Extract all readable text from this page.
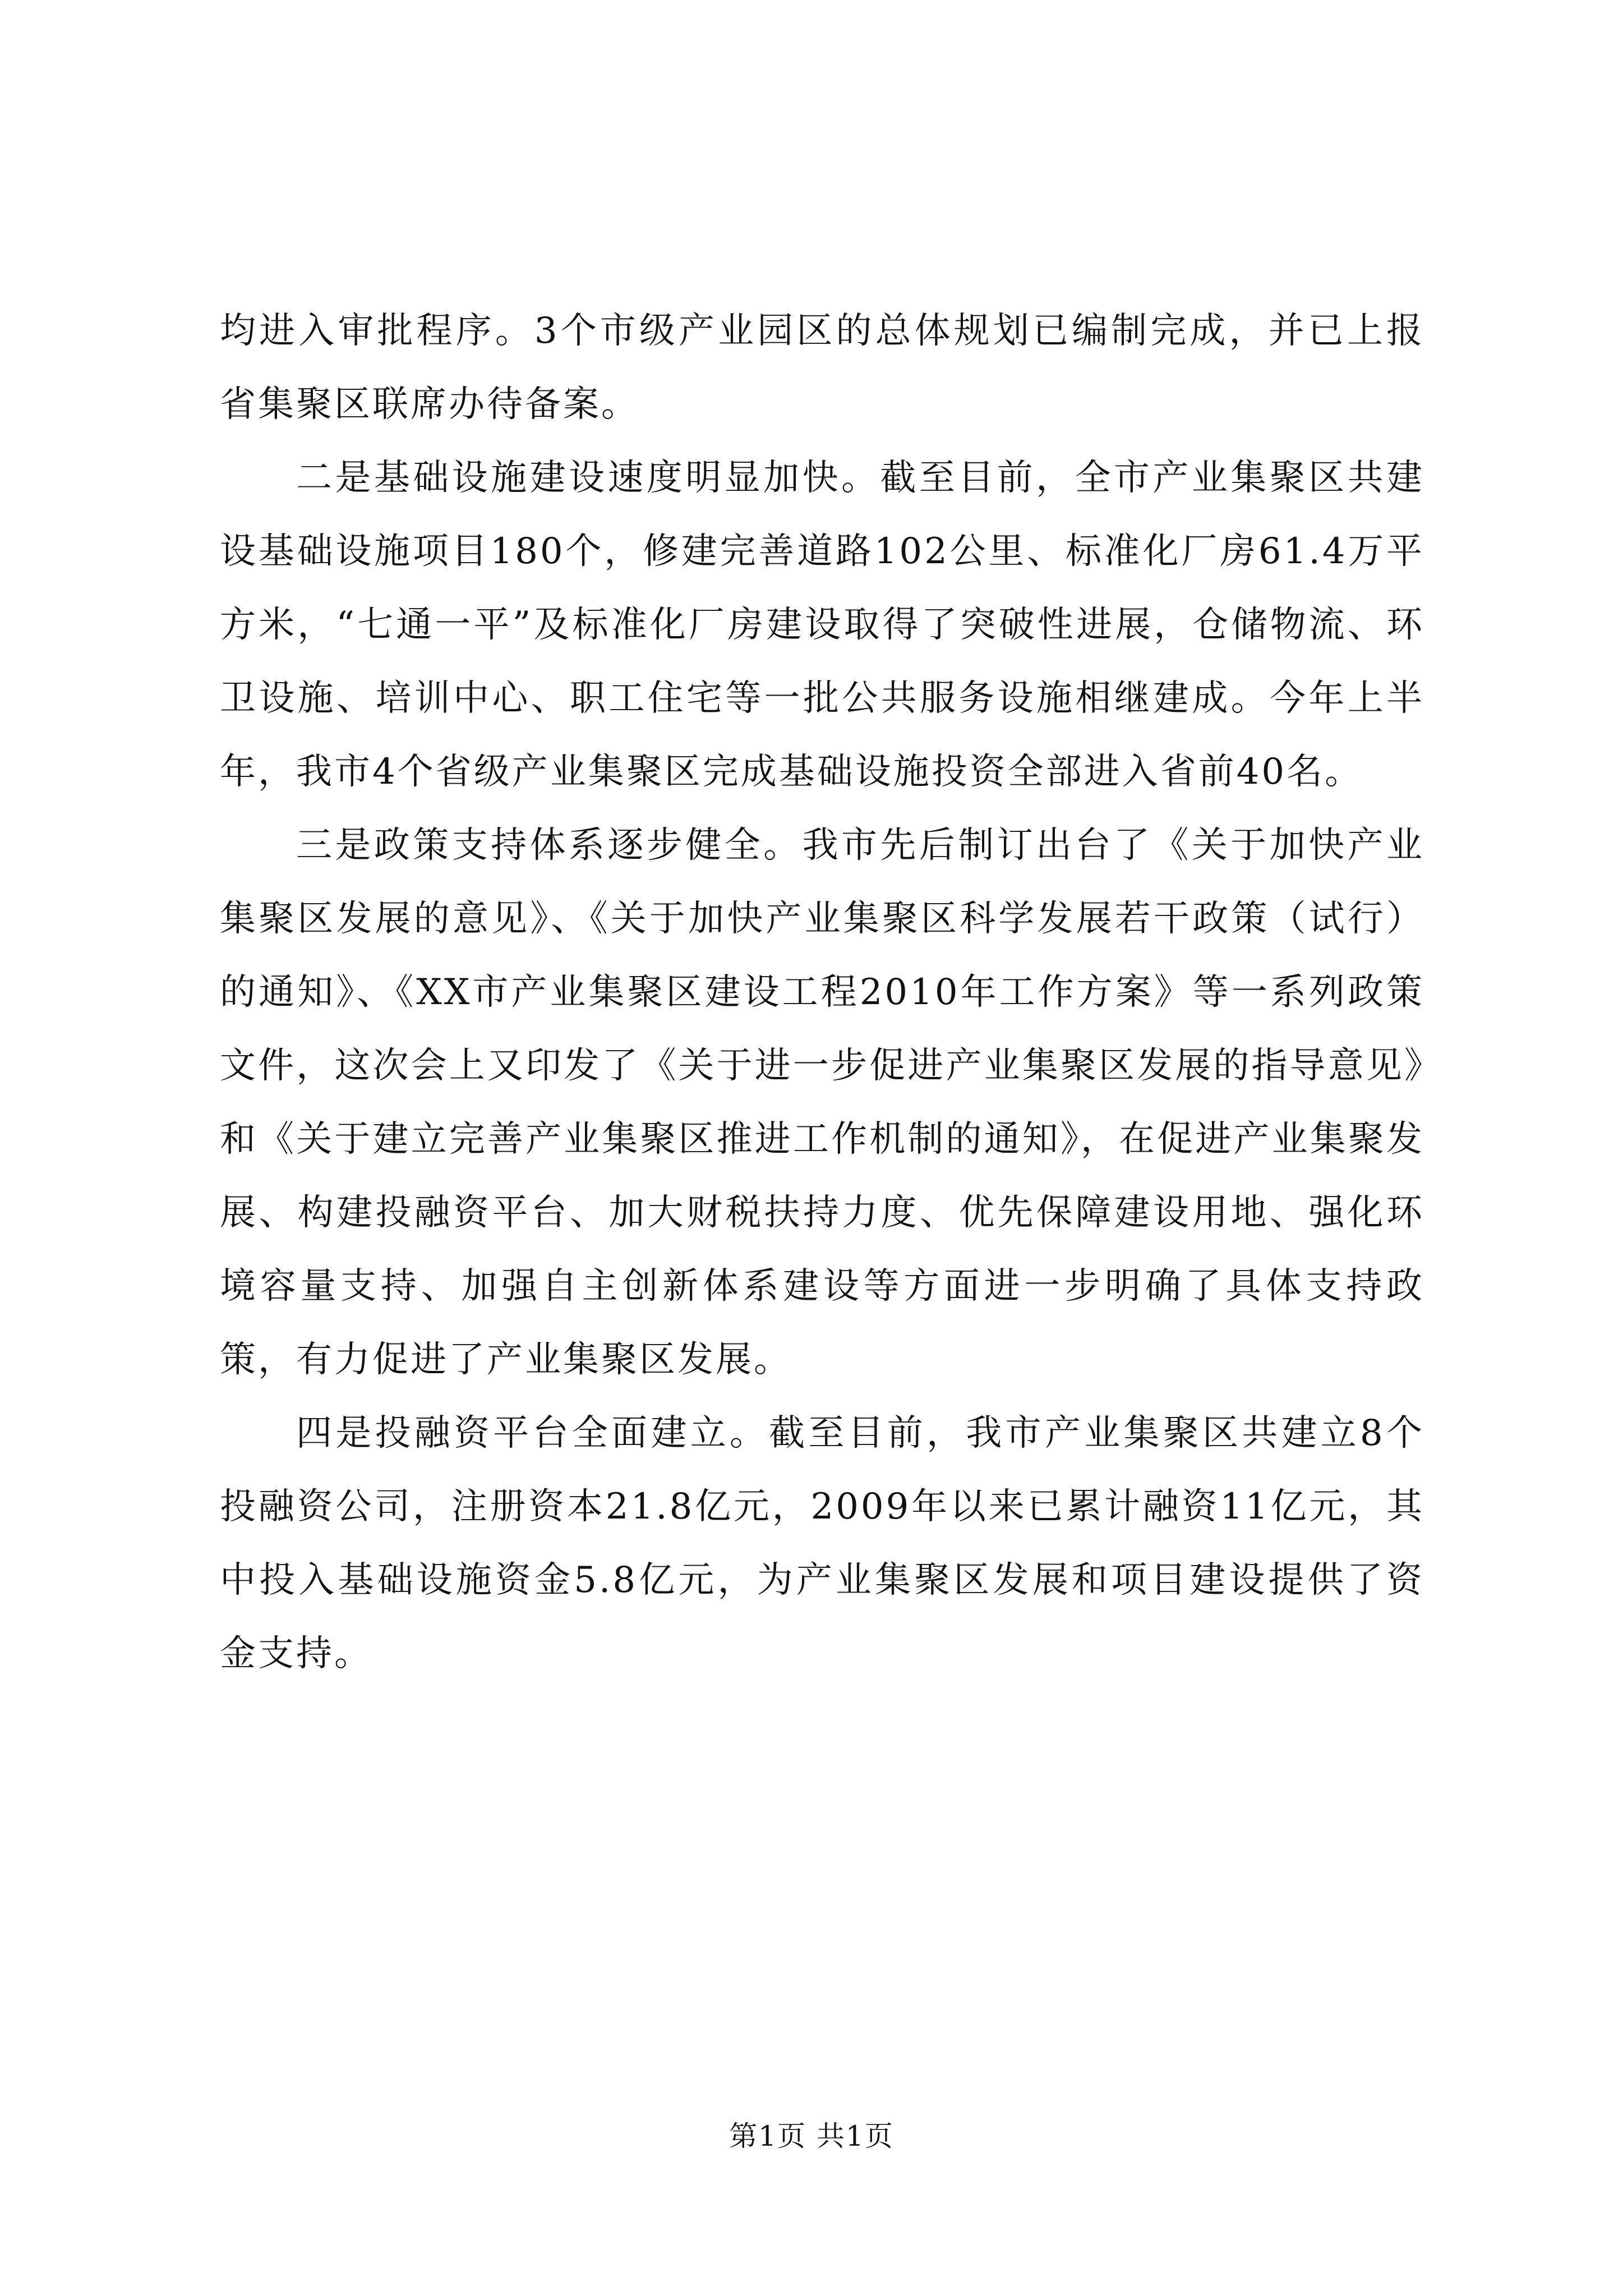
均进入审批程序。3个市级产业园区的总体规划已编制完成，并已上报省集聚区联席办待备案。

二是基础设施建设速度明显加快。截至目前，全市产业集聚区共建设基础设施项目180个，修建完善道路102公里、标准化厂房61.4万平方米，“七通一平”及标准化厂房建设取得了突破性进展，仓储物流、环卫设施、培训中心、职工住宅等一批公共服务设施相继建成。今年上半年，我市4个省级产业集聚区完成基础设施投资全部进入省前40名。

三是政策支持体系逐步健全。我市先后制订出台了《关于加快产业集聚区发展的意见》、《关于加快产业集聚区科学发展若干政策（试行）的通知》、《XX市产业集聚区建设工程2010年工作方案》等一系列政策文件，这次会上又印发了《关于进一步促进产业集聚区发展的指导意见》和《关于建立完善产业集聚区推进工作机制的通知》，在促进产业集聚发展、构建投融资平台、加大财税扶持力度、优先保障建设用地、强化环境容量支持、加强自主创新体系建设等方面进一步明确了具体支持政策，有力促进了产业集聚区发展。

四是投融资平台全面建立。截至目前，我市产业集聚区共建立8个投融资公司，注册资本21.8亿元，2009年以来已累计融资11亿元，其中投入基础设施资金5.8亿元，为产业集聚区发展和项目建设提供了资金支持。

第1页 共1页
